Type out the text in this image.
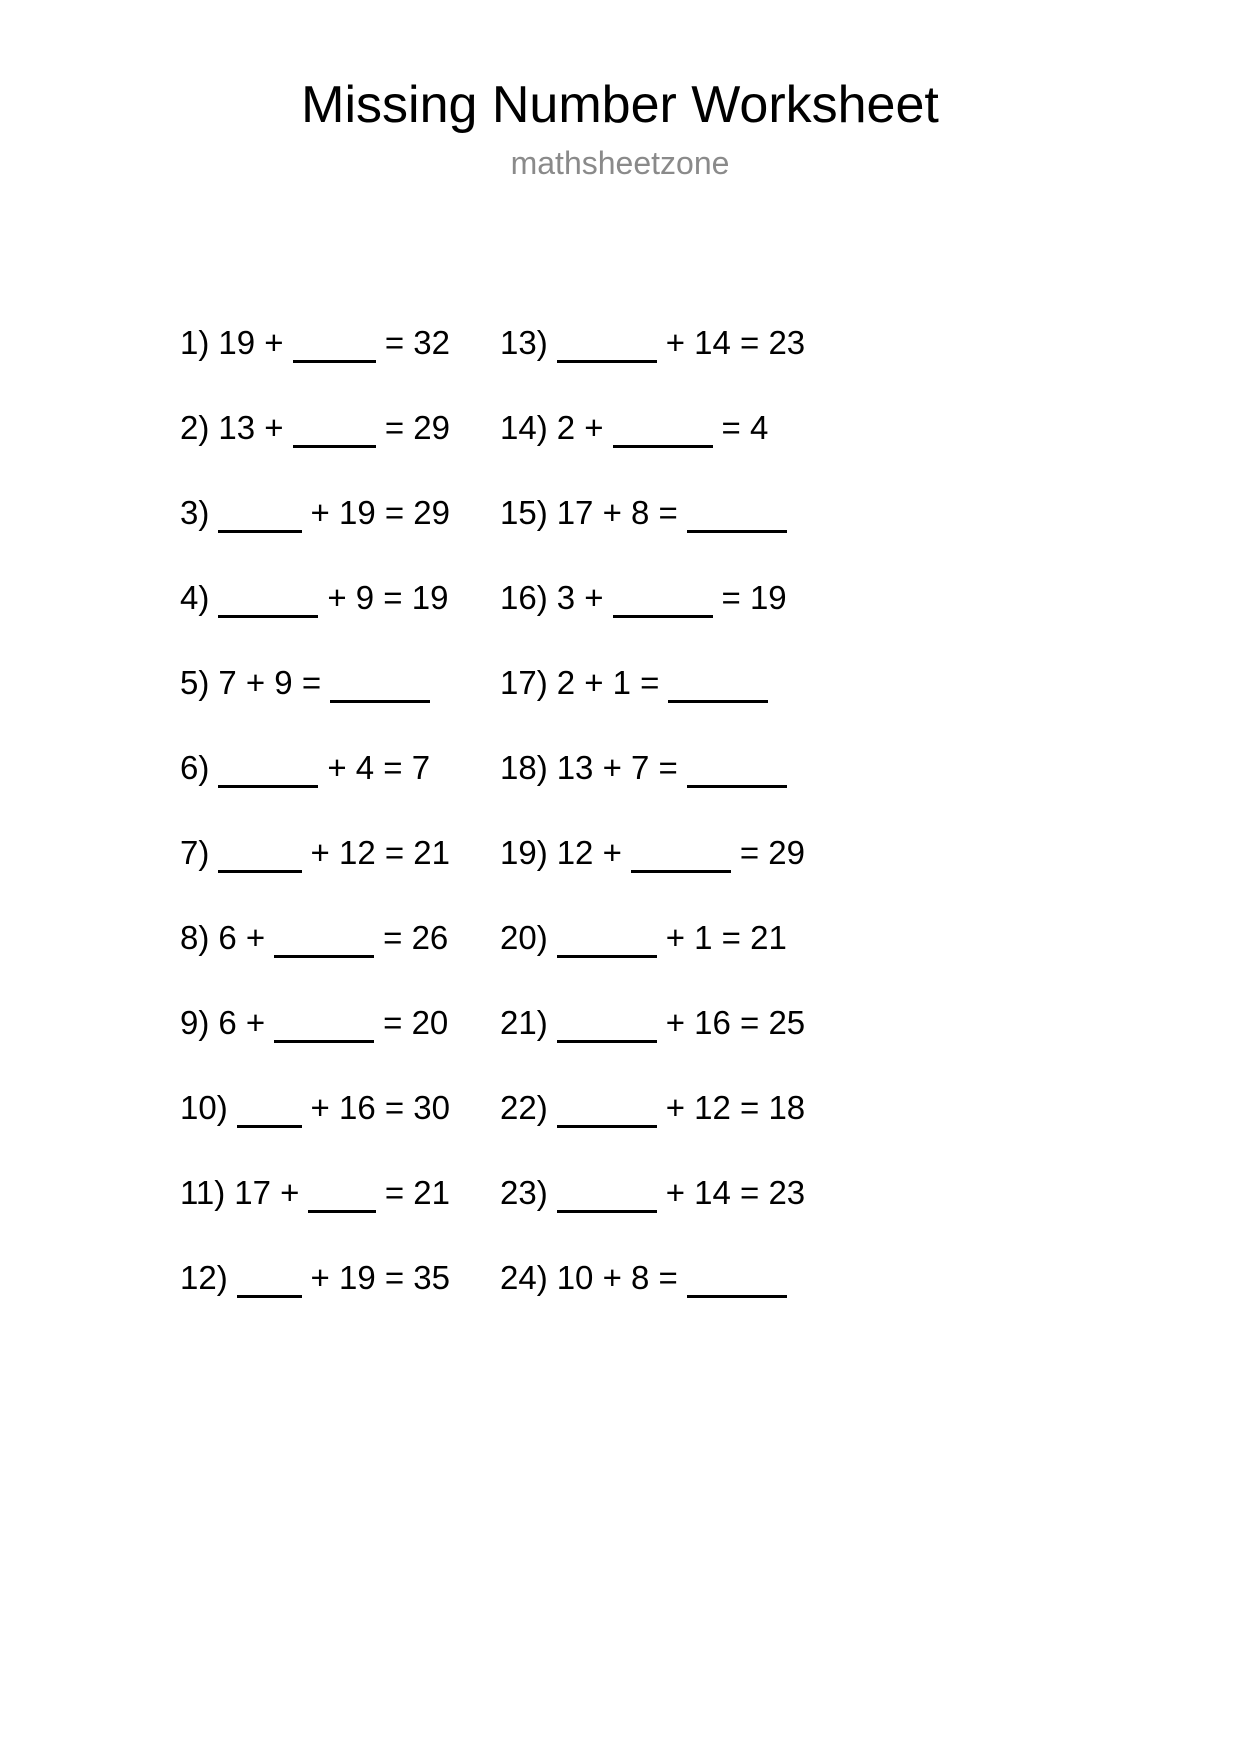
Missing Number Worksheet

mathsheetzone

1) 19 +	= 32
2) 13 +	= 29
3)	+ 19 = 29
4)	+ 9 = 19
5) 7 + 9 =
6)	+ 4 = 7
7)	+ 12 = 21
8) 6 +	= 26
9) 6 +	= 20
10)	+ 16 = 30
11) 17 +	= 21
12)	+ 19 = 35
13)	+ 14 = 23
14) 2 +	= 4
15) 17 + 8 =
16) 3 +	= 19
17) 2 + 1 =
18) 13 + 7 =
19) 12 +	= 29
20)	+ 1 = 21
21)	+ 16 = 25
22)	+ 12 = 18
23)	+ 14 = 23
24) 10 + 8 =
